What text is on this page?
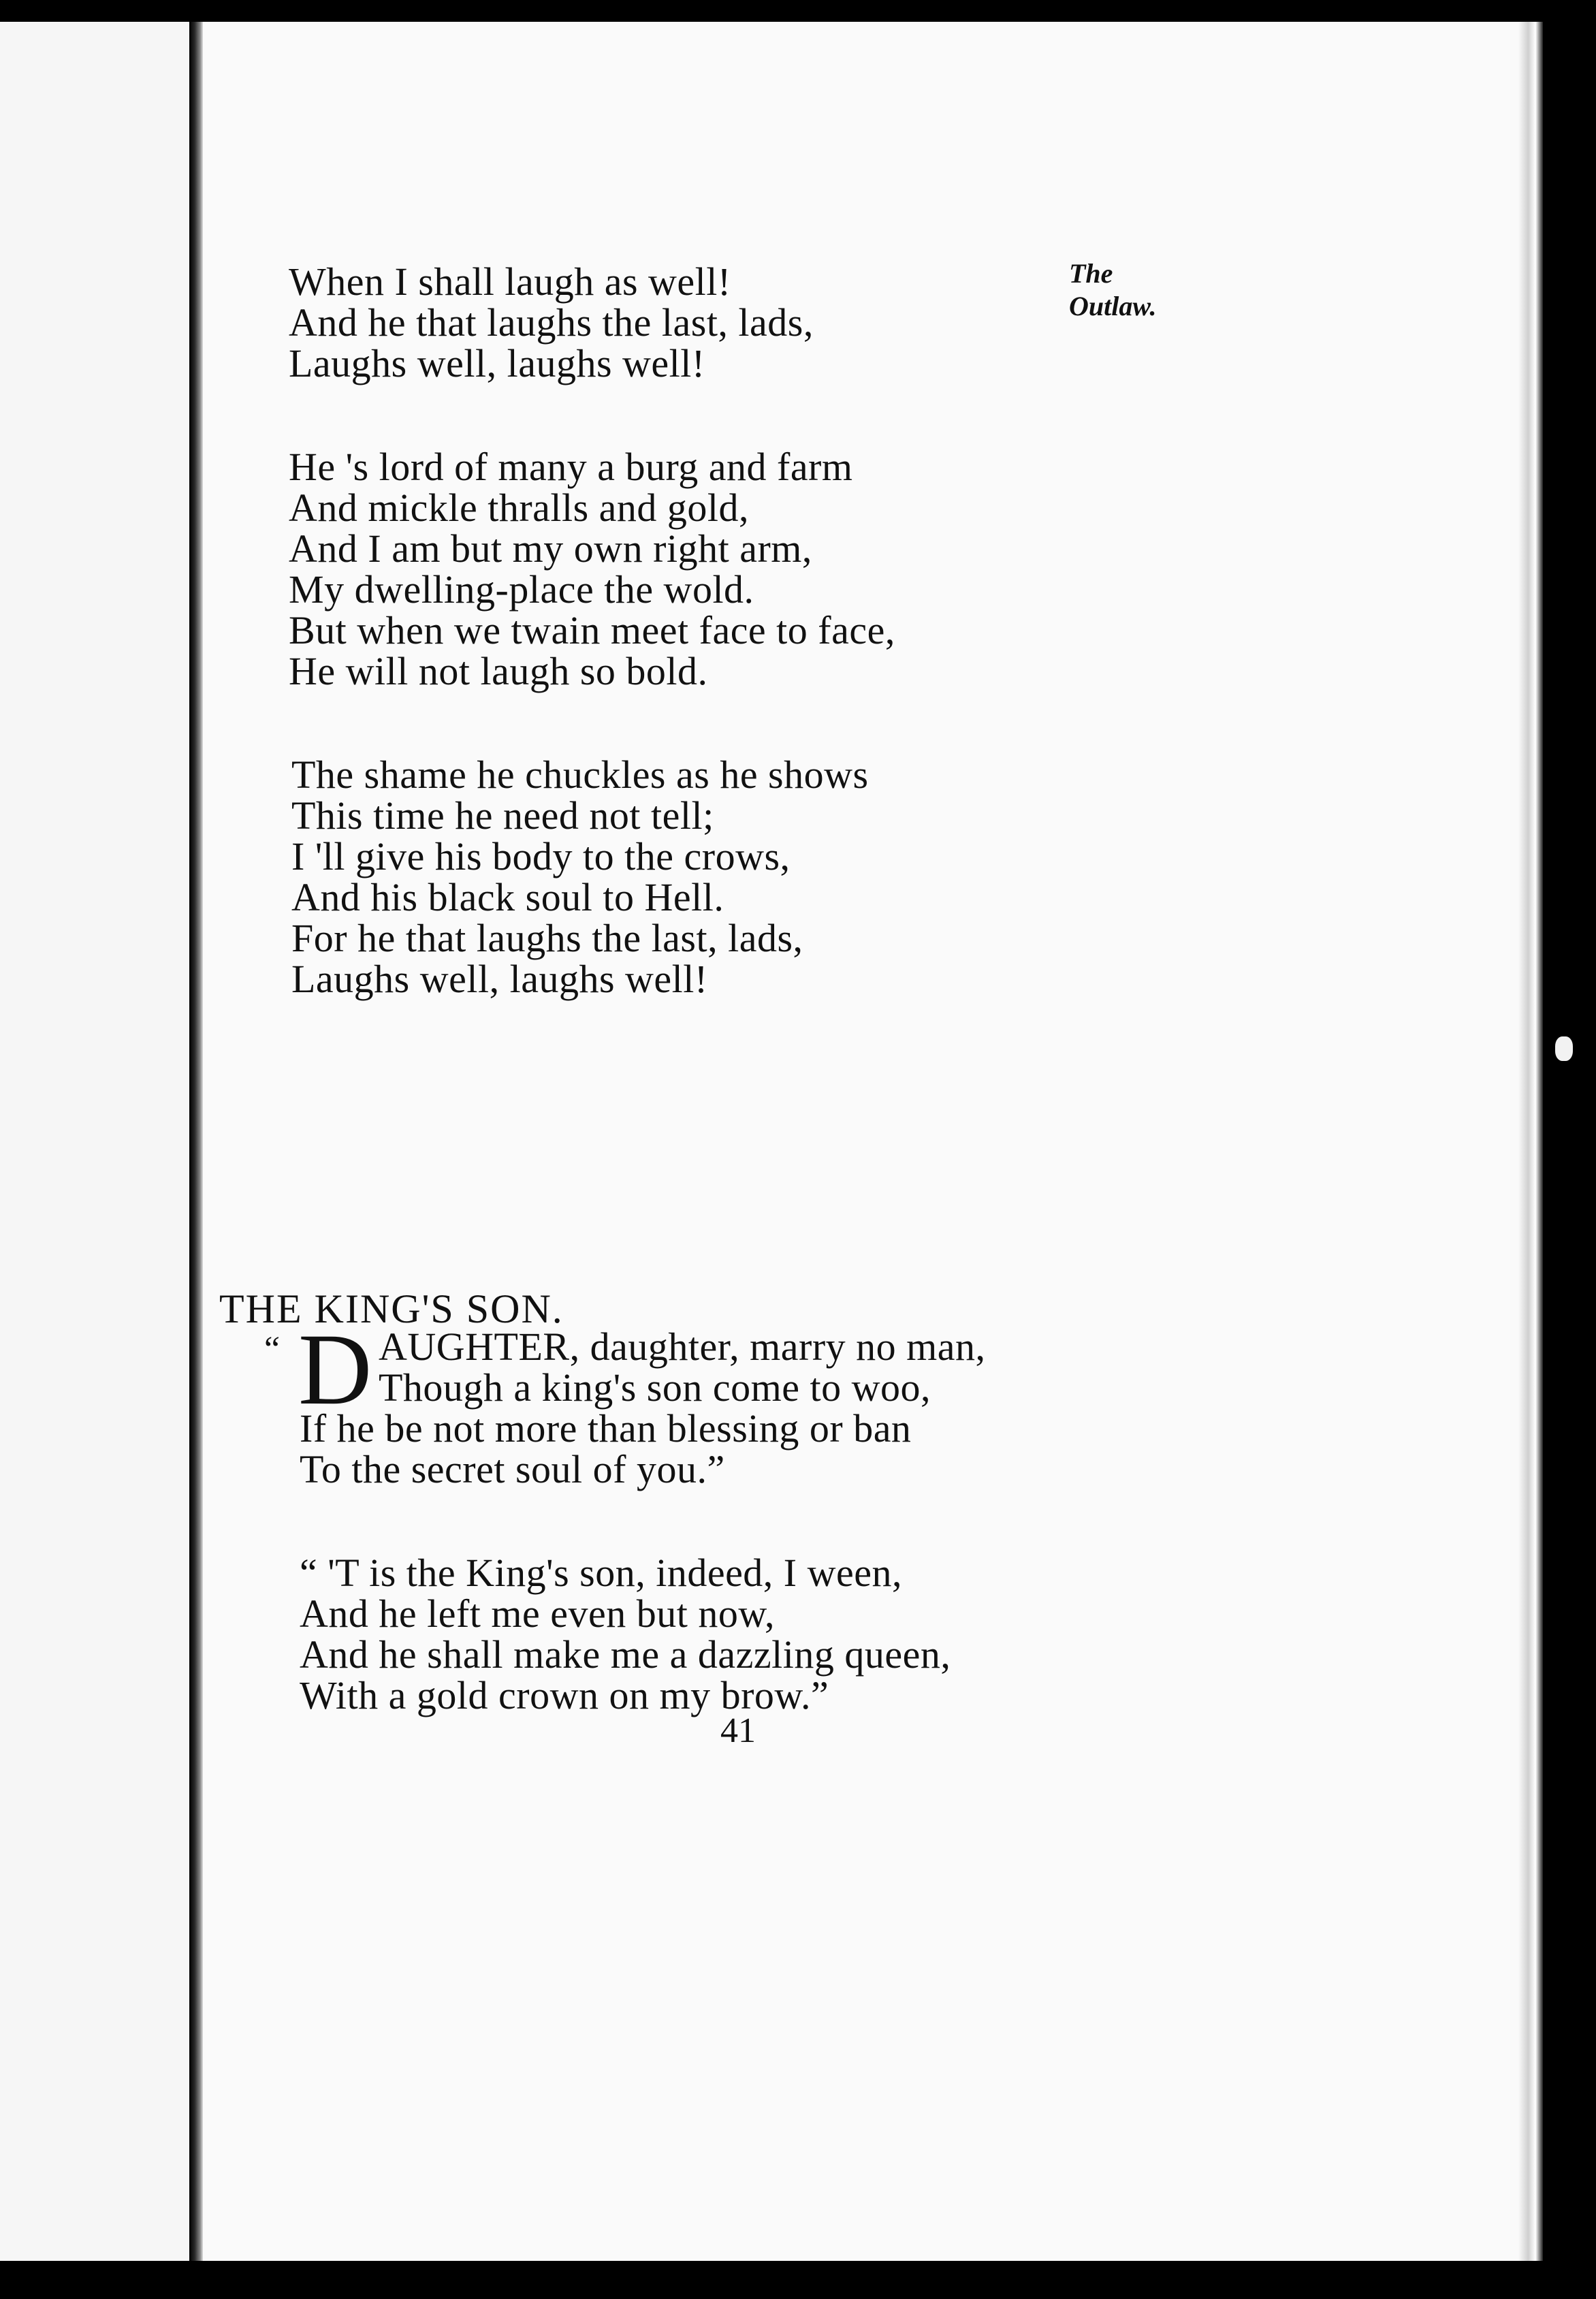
The
Outlaw.
When I shall laugh as well!
And he that laughs the last, lads,
Laughs well, laughs well!
He 's lord of many a burg and farm
And mickle thralls and gold,
And I am but my own right arm,
My dwelling-place the wold.
But when we twain meet face to face,
He will not laugh so bold.
The shame he chuckles as he shows
This time he need not tell;
I 'll give his body to the crows,
And his black soul to Hell.
For he that laughs the last, lads,
Laughs well, laughs well!
THE KING'S SON.
“ D AUGHTER, daughter, marry no man,
Though a king's son come to woo,
If he be not more than blessing or ban
To the secret soul of you.”
“ 'T is the King's son, indeed, I ween,
And he left me even but now,
And he shall make me a dazzling queen,
With a gold crown on my brow.”
41
